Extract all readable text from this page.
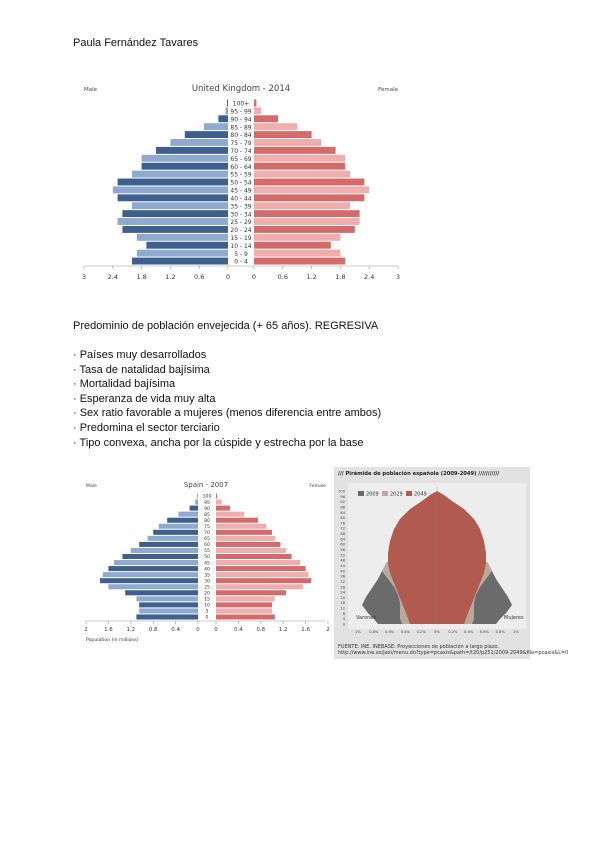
Paula Fernández Tavares
United Kingdom - 2014
Male	Female
100+
95 - 99
90 - 94
85 - 89
80 - 84
75 - 79
70 - 74
65 - 69
60 - 64
55 - 59
50 - 54
45 - 49
40 - 44
35 - 39
30 - 34
25 - 29
20 - 24
15 - 19
10 - 14
5 - 9
0 - 4
3	2.4	1.8	1.2	0.6	0	0	0.6	1.2	1.8	2.4	3
Predominio de población envejecida (+ 65 años). REGRESIVA
· Países muy desarrollados
· Tasa de natalidad bajísima
· Mortalidad bajísima
· Esperanza de vida muy alta
· Sex ratio favorable a mujeres (menos diferencia entre ambos)
· Predomina el sector terciario
· Tipo convexa, ancha por la cúspide y estrecha por la base
Spain - 2007
Male	Female
100
95
90
85
80
75
70
65
60
55
50
45
40
35
30
25
20
15
10
5
0
2	1.6	1.2	0.8	0.4	0	0	0.4	0.8	1.2	1.6	2
Population (in millions)
/// Pirámide de población española (2009-2049) ///////////
2009 2029 2049
100
96
92
88
84
80
76
72
68
64
60
56
52
48
44
40
36
32
28
24
20
16
12
8
4
0
1% 0.8% 0.6% 0.4% 0.2% 0% 0.2% 0.4% 0.6% 0.8% 1%
Varones	Mujeres
FUENTE: INE. INEBASE: Proyecciones de población a largo plazo.
http://www.ine.es/jaxi/menu.do?type=pcaxis&path=/t20/p251/2009-2049&file=pcaxis&L=0
